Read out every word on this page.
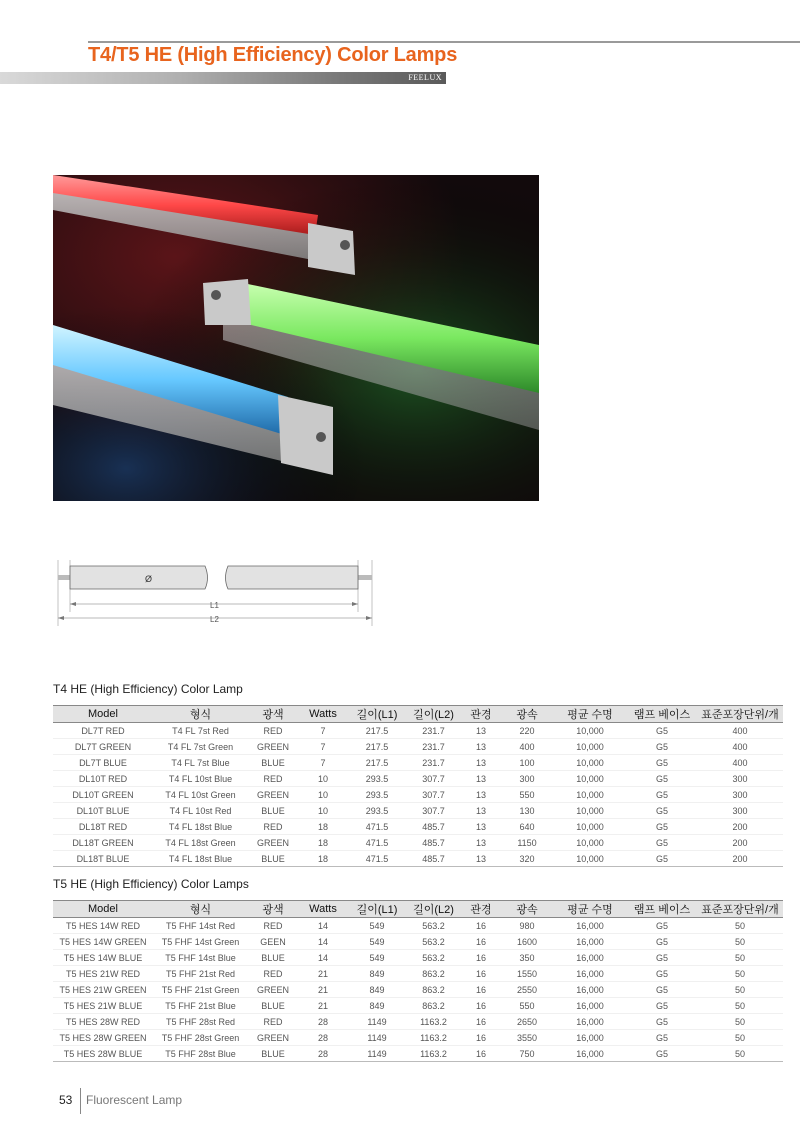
T4/T5 HE (High Efficiency) Color Lamps
FEELUX
Ø
L1
L2
T4 HE (High Efficiency) Color Lamp
Model	형식	광색	Watts	길이(L1)	길이(L2)	관경	광속	평균 수명	램프 베이스	표준포장단위/개
DL7T RED	T4 FL 7st Red	RED	7	217.5	231.7	13	220	10,000	G5	400
DL7T GREEN	T4 FL 7st Green	GREEN	7	217.5	231.7	13	400	10,000	G5	400
DL7T BLUE	T4 FL 7st Blue	BLUE	7	217.5	231.7	13	100	10,000	G5	400
DL10T RED	T4 FL 10st Blue	RED	10	293.5	307.7	13	300	10,000	G5	300
DL10T GREEN	T4 FL 10st Green	GREEN	10	293.5	307.7	13	550	10,000	G5	300
DL10T BLUE	T4 FL 10st Red	BLUE	10	293.5	307.7	13	130	10,000	G5	300
DL18T RED	T4 FL 18st Blue	RED	18	471.5	485.7	13	640	10,000	G5	200
DL18T GREEN	T4 FL 18st Green	GREEN	18	471.5	485.7	13	1150	10,000	G5	200
DL18T BLUE	T4 FL 18st Blue	BLUE	18	471.5	485.7	13	320	10,000	G5	200
T5 HE (High Efficiency) Color Lamps
Model	형식	광색	Watts	길이(L1)	길이(L2)	관경	광속	평균 수명	램프 베이스	표준포장단위/개
T5 HES 14W RED	T5 FHF 14st Red	RED	14	549	563.2	16	980	16,000	G5	50
T5 HES 14W GREEN	T5 FHF 14st Green	GEEN	14	549	563.2	16	1600	16,000	G5	50
T5 HES 14W BLUE	T5 FHF 14st Blue	BLUE	14	549	563.2	16	350	16,000	G5	50
T5 HES 21W RED	T5 FHF 21st Red	RED	21	849	863.2	16	1550	16,000	G5	50
T5 HES 21W GREEN	T5 FHF 21st Green	GREEN	21	849	863.2	16	2550	16,000	G5	50
T5 HES 21W BLUE	T5 FHF 21st Blue	BLUE	21	849	863.2	16	550	16,000	G5	50
T5 HES 28W RED	T5 FHF 28st Red	RED	28	1149	1163.2	16	2650	16,000	G5	50
T5 HES 28W GREEN	T5 FHF 28st Green	GREEN	28	1149	1163.2	16	3550	16,000	G5	50
T5 HES 28W BLUE	T5 FHF 28st Blue	BLUE	28	1149	1163.2	16	750	16,000	G5	50
53 Fluorescent Lamp
